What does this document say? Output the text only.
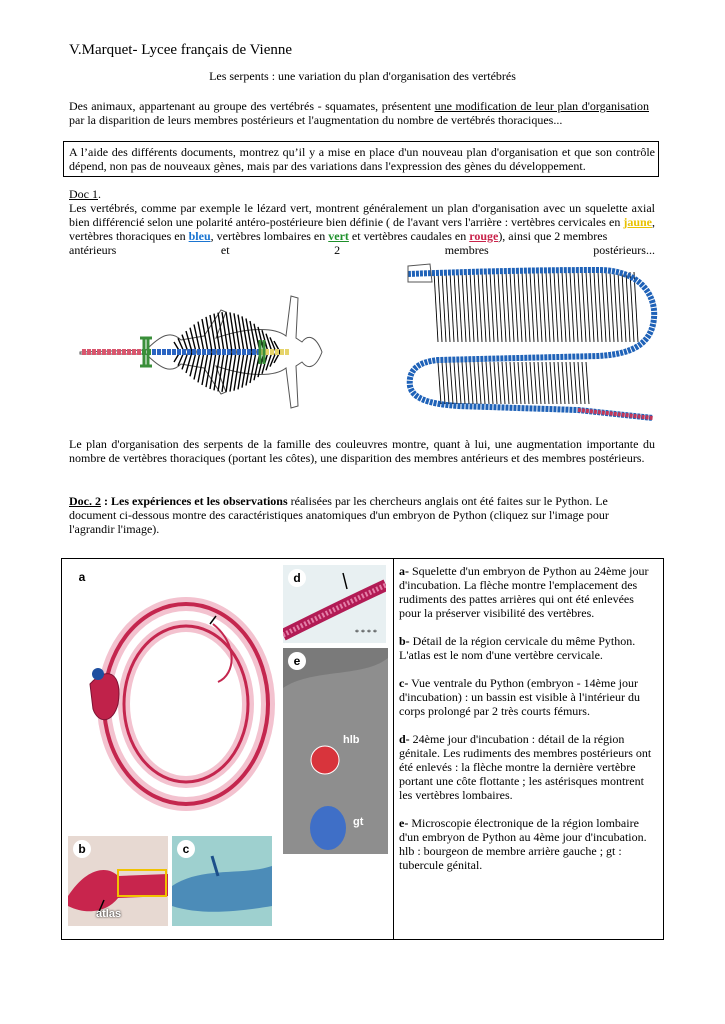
V.Marquet- Lycee français de Vienne
Les serpents : une variation du plan d'organisation des vertébrés
Des animaux, appartenant au groupe des vertébrés - squamates, présentent une modification de leur plan d'organisation par la disparition de leurs membres postérieurs et l'augmentation du nombre de vertébrés thoraciques...
A l’aide des différents documents, montrez qu’il y a mise en place d'un nouveau plan d'organisation et que son contrôle dépend, non pas de nouveaux gènes, mais par des variations dans l'expression des gènes du développement.
Doc 1.
Les vertébrés, comme par exemple le lézard vert, montrent généralement un plan d'organisation avec un squelette axial bien différencié selon une polarité antéro-postérieure bien définie ( de l'avant vers l'arrière : vertèbres cervicales en jaune, vertèbres thoraciques en bleu, vertèbres lombaires en vert et vertèbres caudales en rouge), ainsi que 2 membres
antérieurs	et	2	membres	postérieurs...
Le plan d'organisation des serpents de la famille des couleuvres montre, quant à lui, une augmentation importante du nombre de vertèbres thoraciques (portant les côtes), une disparition des membres antérieurs et des membres postérieurs.
Doc. 2 : Les expériences et les observations réalisées par les chercheurs anglais ont été faites sur le Python. Le document ci-dessous montre des caractéristiques anatomiques d'un embryon de Python (cliquez sur l'image pour l'agrandir l'image).
a	d
* * * *
e
hlb
gt
b
atlas
c

a- Squelette d'un embryon de Python au 24ème jour d'incubation. La flèche montre l'emplacement des rudiments des pattes arrières qui ont été enlevées pour la préserver visibilité des vertèbres.

b- Détail de la région cervicale du même Python. L'atlas est le nom d'une vertèbre cervicale.

c- Vue ventrale du Python (embryon - 14ème jour d'incubation) : un bassin est visible à l'intérieur du corps prolongé par 2 très courts fémurs.

d- 24ème jour d'incubation : détail de la région génitale. Les rudiments des membres postérieurs ont été enlevés : la flèche montre la dernière vertèbre portant une côte flottante ; les astérisques montrent les vertèbres lombaires.

e- Microscopie électronique de la région lombaire d'un embryon de Python au 4ème jour d'incubation. hlb : bourgeon de membre arrière gauche ; gt : tubercule génital.
